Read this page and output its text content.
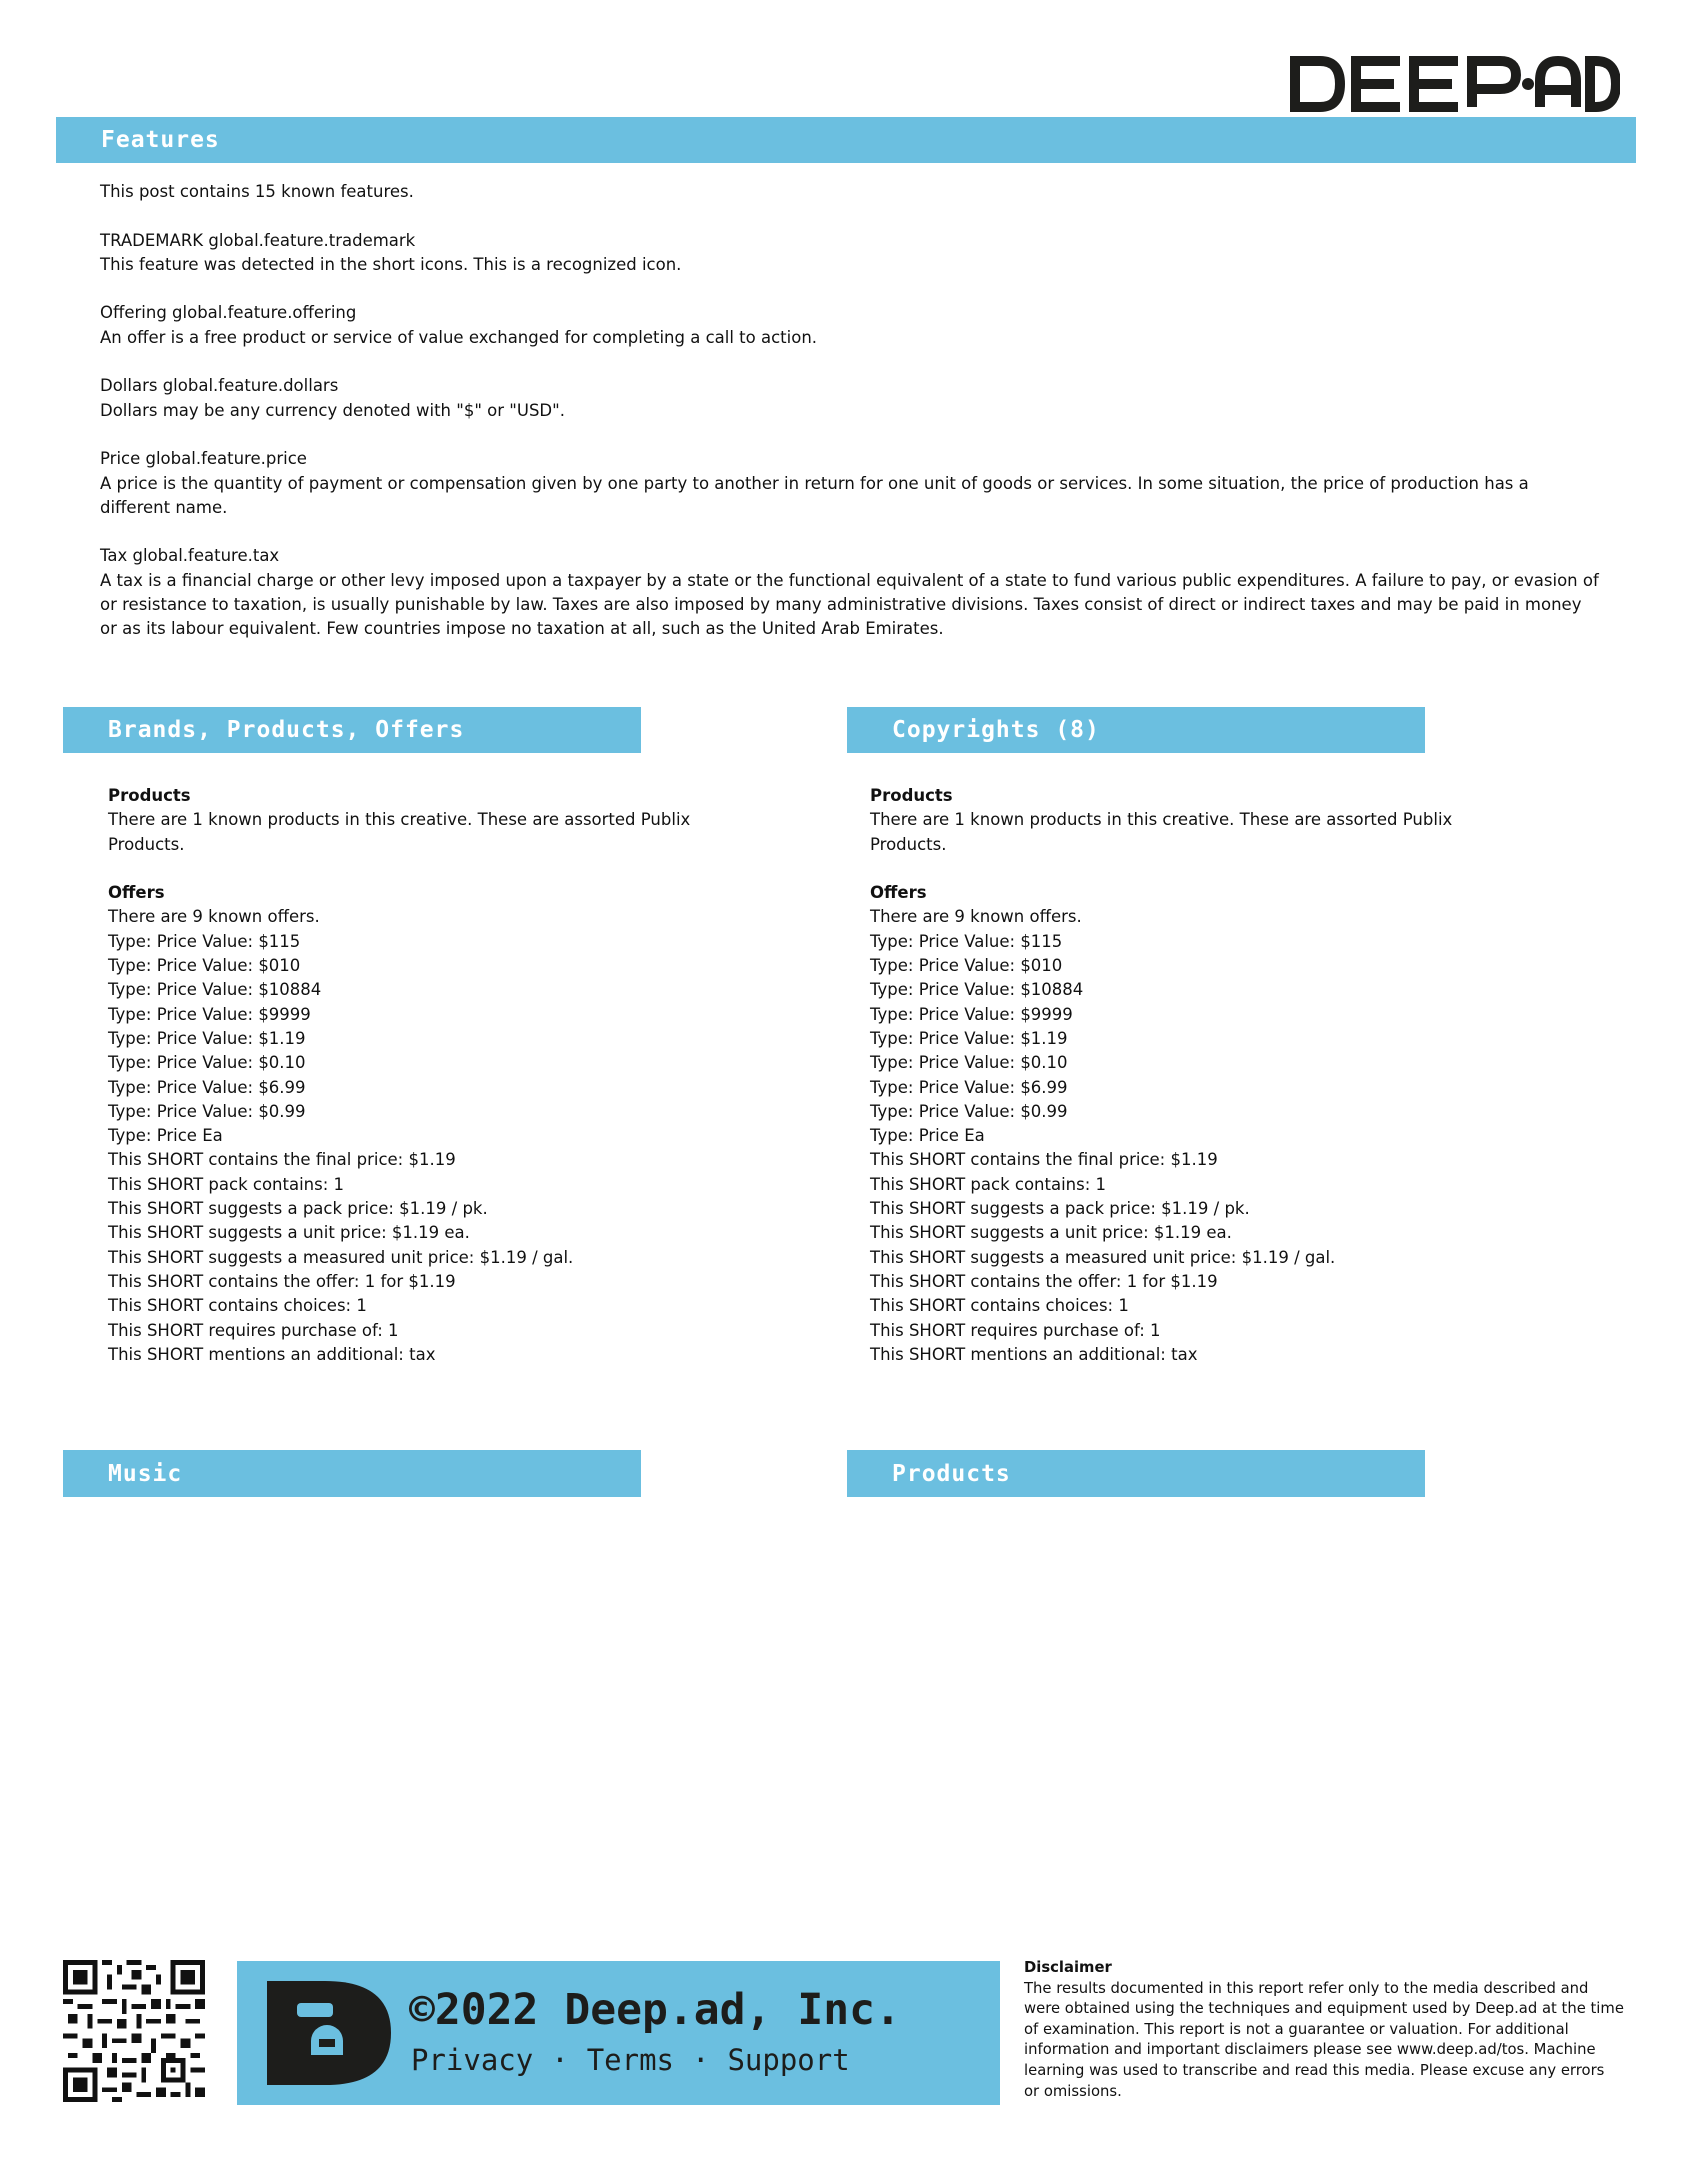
Features

This post contains 15 known features.

TRADEMARK global.feature.trademark

This feature was detected in the short icons. This is a recognized icon.

Offering global.feature.offering

An offer is a free product or service of value exchanged for completing a call to action.

Dollars global.feature.dollars

Dollars may be any currency denoted with "$" or "USD".

Price global.feature.price

A price is the quantity of payment or compensation given by one party to another in return for one unit of goods or services. In some situation, the price of production has a different name.

Tax global.feature.tax

A tax is a financial charge or other levy imposed upon a taxpayer by a state or the functional equivalent of a state to fund various public expenditures. A failure to pay, or evasion of or resistance to taxation, is usually punishable by law. Taxes are also imposed by many administrative divisions. Taxes consist of direct or indirect taxes and may be paid in money or as its labour equivalent. Few countries impose no taxation at all, such as the United Arab Emirates.

Brands, Products, Offers

Products

There are 1 known products in this creative. These are assorted Publix Products.

Offers

There are 9 known offers.

Type: Price Value: $115

Type: Price Value: $010

Type: Price Value: $10884

Type: Price Value: $9999

Type: Price Value: $1.19

Type: Price Value: $0.10

Type: Price Value: $6.99

Type: Price Value: $0.99

Type: Price Ea

This SHORT contains the final price: $1.19

This SHORT pack contains: 1

This SHORT suggests a pack price: $1.19 / pk.

This SHORT suggests a unit price: $1.19 ea.

This SHORT suggests a measured unit price: $1.19 / gal.

This SHORT contains the offer: 1 for $1.19

This SHORT contains choices: 1

This SHORT requires purchase of: 1

This SHORT mentions an additional: tax

Copyrights (8)

Products

There are 1 known products in this creative. These are assorted Publix Products.

Offers

There are 9 known offers.

Type: Price Value: $115

Type: Price Value: $010

Type: Price Value: $10884

Type: Price Value: $9999

Type: Price Value: $1.19

Type: Price Value: $0.10

Type: Price Value: $6.99

Type: Price Value: $0.99

Type: Price Ea

This SHORT contains the final price: $1.19

This SHORT pack contains: 1

This SHORT suggests a pack price: $1.19 / pk.

This SHORT suggests a unit price: $1.19 ea.

This SHORT suggests a measured unit price: $1.19 / gal.

This SHORT contains the offer: 1 for $1.19

This SHORT contains choices: 1

This SHORT requires purchase of: 1

This SHORT mentions an additional: tax

Music	Products
©2022 Deep.ad, Inc.
Privacy · Terms · Support

Disclaimer

The results documented in this report refer only to the media described and were obtained using the techniques and equipment used by Deep.ad at the time of examination. This report is not a guarantee or valuation. For additional information and important disclaimers please see www.deep.ad/tos. Machine learning was used to transcribe and read this media. Please excuse any errors or omissions.
